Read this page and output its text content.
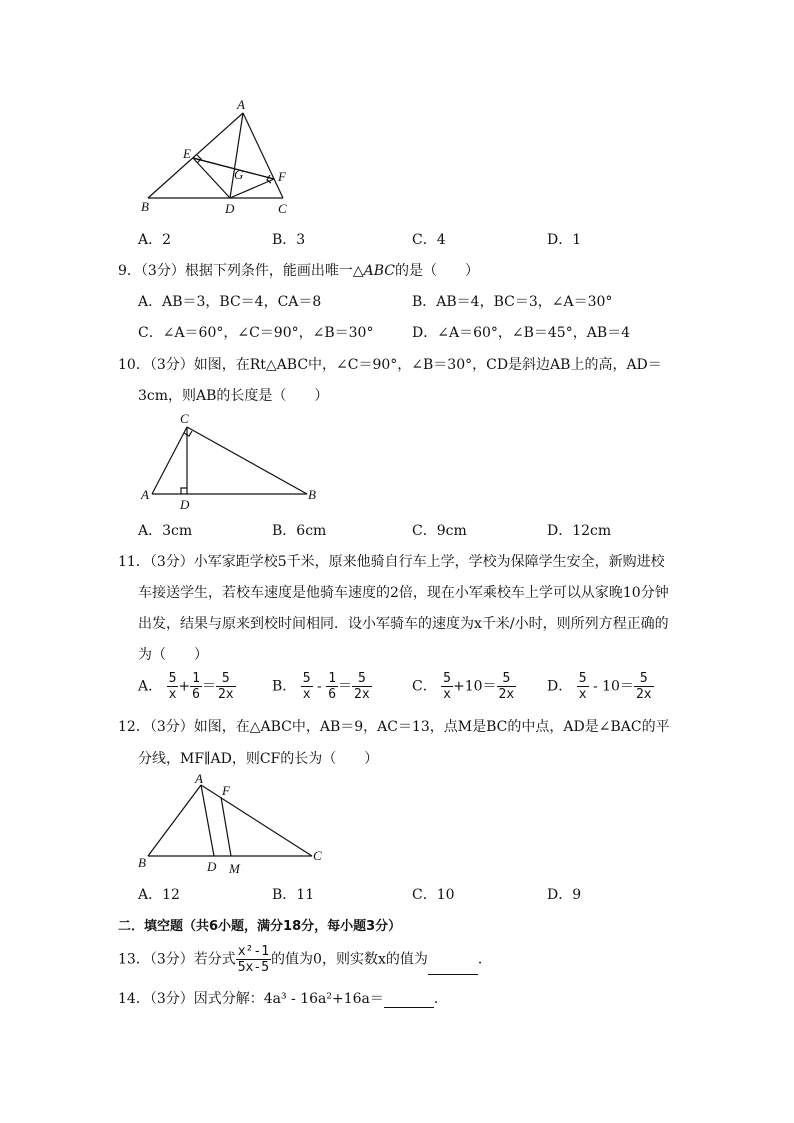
A
E
G	F
B	D	C
A．2	B．3	C．4	D．1
9．（3分）根据下列条件，能画出唯一△ABC的是（　　）
A．AB＝3，BC＝4，CA＝8	B．AB＝4，BC＝3，∠A＝30°
C．∠A＝60°，∠C＝90°，∠B＝30°	D．∠A＝60°，∠B＝45°，AB＝4
10．（3分）如图，在Rt△ABC中，∠C＝90°，∠B＝30°，CD是斜边AB上的高，AD＝
3cm，则AB的长度是（　　）
C
A
D
B
A．3cm	B．6cm	C．9cm	D．12cm
11．（3分）小军家距学校5千米，原来他骑自行车上学，学校为保障学生安全，新购进校
车接送学生，若校车速度是他骑车速度的2倍，现在小军乘校车上学可以从家晚10分钟
出发，结果与原来到校时间相同．设小军骑车的速度为x千米/小时，则所列方程正确的
为（　　）
A． $\frac{5}{x} + \frac{1}{6} = \frac{5}{2x}$	B． $\frac{5}{x} - \frac{1}{6} = \frac{5}{2x}$	C． $\frac{5}{x} +10= \frac{5}{2x}$ D． $\frac{5}{x} - 10= \frac{5}{2x}$
12．（3分）如图，在△ABC中，AB＝9，AC＝13，点M是BC的中点，AD是∠BAC的平
分线，MF∥AD，则CF的长为（　　）
A
F
B	D M
C
A．12	B．11	C．10	D．9
二．填空题（共6小题，满分18分，每小题3分）
13．（3分）若分式 $\frac{\text{x²-1}}{5x-5}$ 的值为0，则实数x的值为	．
14．（3分）因式分解：4a³ - 16a²+16a＝	．
